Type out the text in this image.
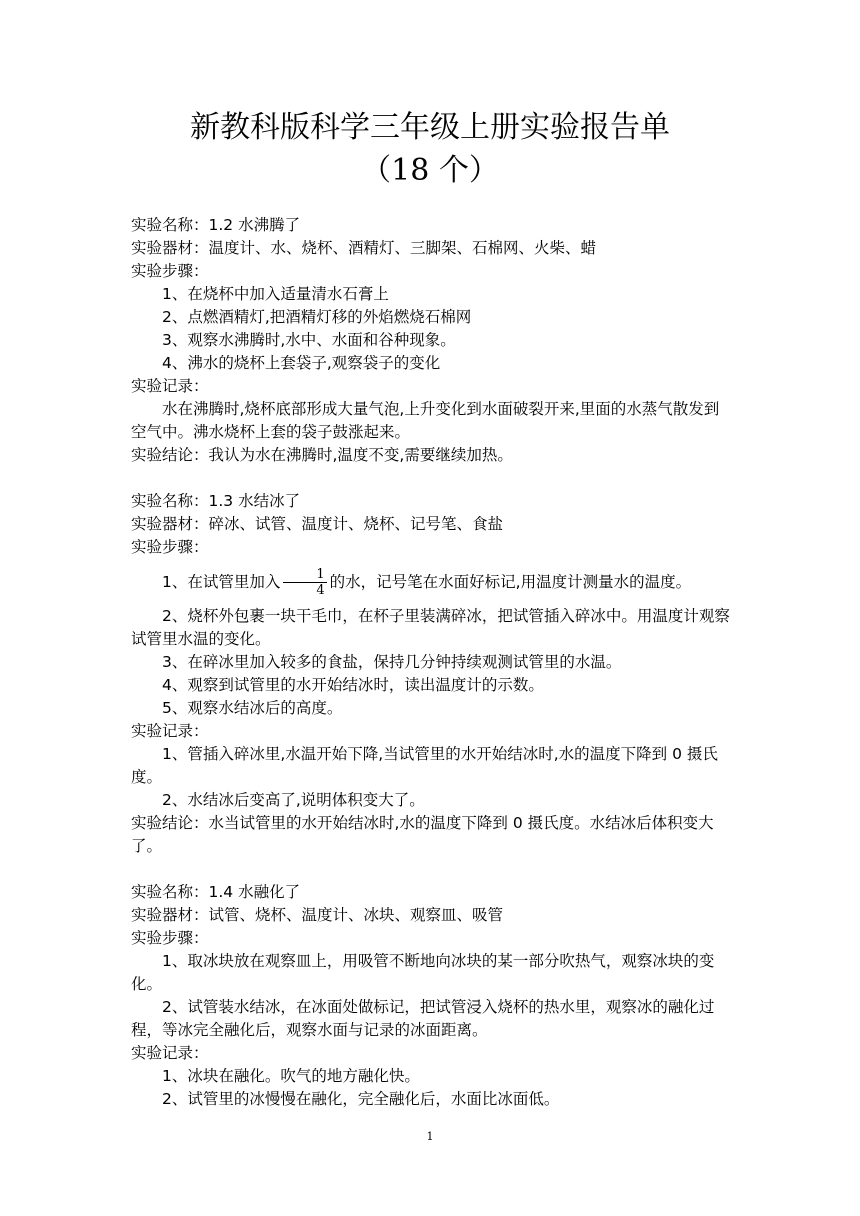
新教科版科学三年级上册实验报告单
（18 个）

实验名称：1.2 水沸腾了

实验器材：温度计、水、烧杯、酒精灯、三脚架、石棉网、火柴、蜡

实验步骤：

1、在烧杯中加入适量清水石膏上

2、点燃酒精灯,把酒精灯移的外焰燃烧石棉网

3、观察水沸腾时,水中、水面和谷种现象。

4、沸水的烧杯上套袋子,观察袋子的变化

实验记录：

水在沸腾时,烧杯底部形成大量气泡,上升变化到水面破裂开来,里面的水蒸气散发到空气中。沸水烧杯上套的袋子鼓涨起来。

实验结论：我认为水在沸腾时,温度不变,需要继续加热。

实验名称：1.3 水结冰了

实验器材：碎冰、试管、温度计、烧杯、记号笔、食盐

实验步骤：

1、在试管里加入 $\frac{1}{4}$ 的水，记号笔在水面好标记,用温度计测量水的温度。

2、烧杯外包裹一块干毛巾，在杯子里装满碎冰，把试管插入碎冰中。用温度计观察试管里水温的变化。

3、在碎冰里加入较多的食盐，保持几分钟持续观测试管里的水温。

4、观察到试管里的水开始结冰时，读出温度计的示数。

5、观察水结冰后的高度。

实验记录：

1、管插入碎冰里,水温开始下降,当试管里的水开始结冰时,水的温度下降到 0 摄氏度。

2、水结冰后变高了,说明体积变大了。

实验结论：水当试管里的水开始结冰时,水的温度下降到 0 摄氏度。水结冰后体积变大了。

实验名称：1.4 水融化了

实验器材：试管、烧杯、温度计、冰块、观察皿、吸管

实验步骤：

1、取冰块放在观察皿上，用吸管不断地向冰块的某一部分吹热气，观察冰块的变化。

2、试管装水结冰，在冰面处做标记，把试管浸入烧杯的热水里，观察冰的融化过程，等冰完全融化后，观察水面与记录的冰面距离。

实验记录：

1、冰块在融化。吹气的地方融化快。

2、试管里的冰慢慢在融化，完全融化后，水面比冰面低。

1
